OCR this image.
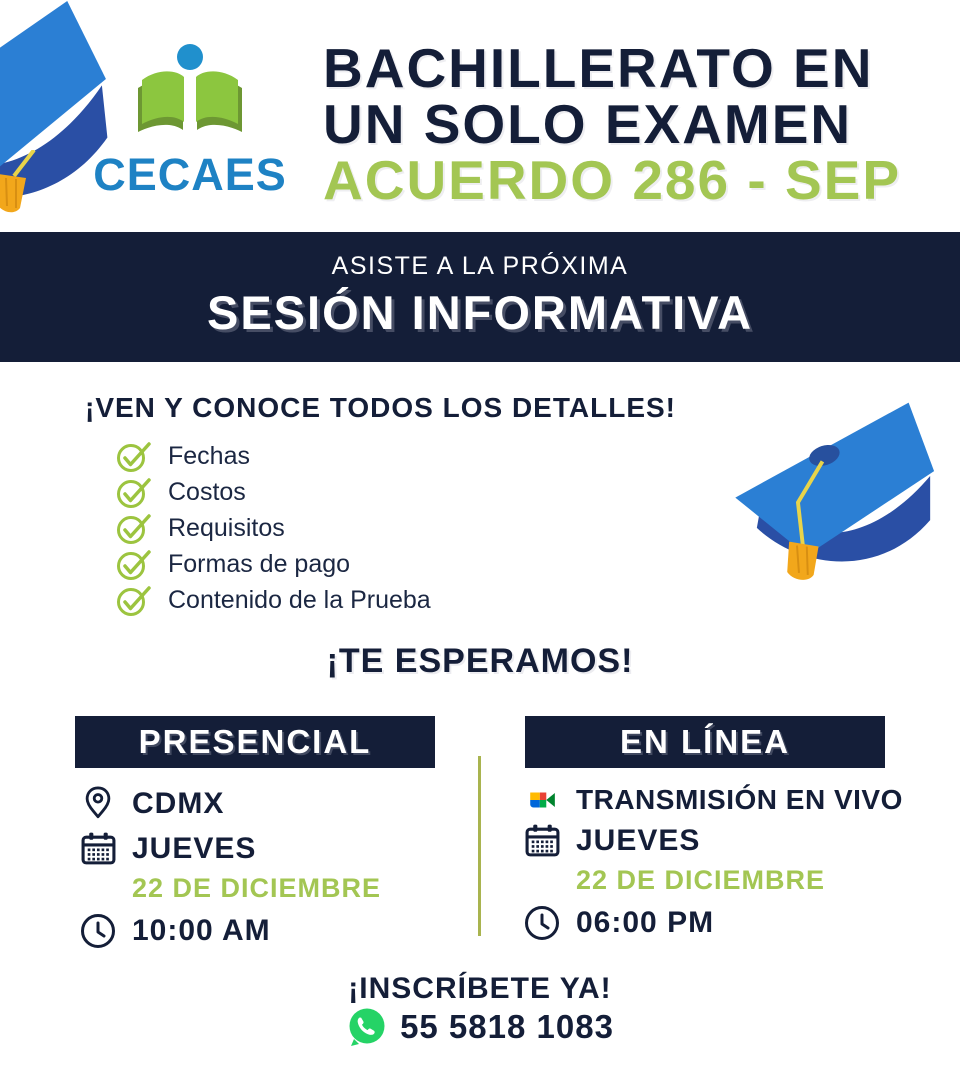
CECAES
BACHILLERATO EN
UN SOLO EXAMEN
ACUERDO 286 - SEP
ASISTE A LA PRÓXIMA
SESIÓN INFORMATIVA
¡VEN Y CONOCE TODOS LOS DETALLES!
Fechas
Costos
Requisitos
Formas de pago
Contenido de la Prueba
¡TE ESPERAMOS!
PRESENCIAL	EN LÍNEA
CDMX
JUEVES
22 DE DICIEMBRE
10:00 AM
TRANSMISIÓN EN VIVO
JUEVES
22 DE DICIEMBRE
06:00 PM
¡INSCRÍBETE YA!
55 5818 1083
